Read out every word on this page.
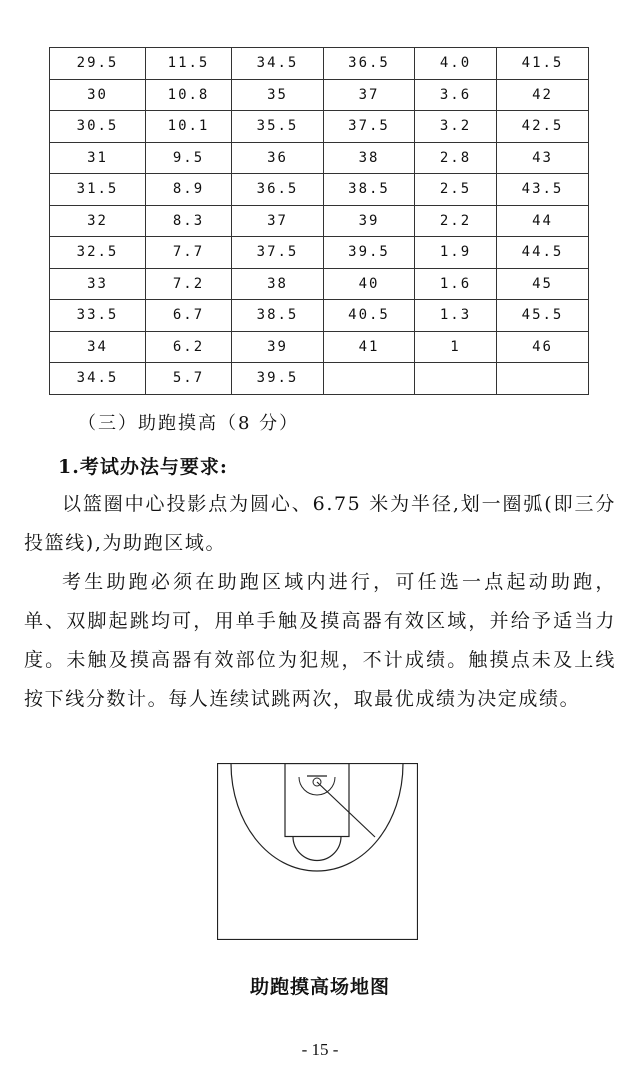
29.5	11.5	34.5	36.5	4.0	41.5
30	10.8	35	37	3.6	42
30.5	10.1	35.5	37.5	3.2	42.5
31	9.5	36	38	2.8	43
31.5	8.9	36.5	38.5	2.5	43.5
32	8.3	37	39	2.2	44
32.5	7.7	37.5	39.5	1.9	44.5
33	7.2	38	40	1.6	45
33.5	6.7	38.5	40.5	1.3	45.5
34	6.2	39	41	1	46
34.5	5.7	39.5			
（三）助跑摸高（8 分）
1.考试办法与要求:

以篮圈中心投影点为圆心、6.75 米为半径,划一圈弧(即三分投篮线),为助跑区域。

考生助跑必须在助跑区域内进行，可任选一点起动助跑，单、双脚起跳均可，用单手触及摸高器有效区域，并给予适当力度。未触及摸高器有效部位为犯规，不计成绩。触摸点未及上线按下线分数计。每人连续试跳两次，取最优成绩为决定成绩。

助跑摸高场地图
- 15 -
